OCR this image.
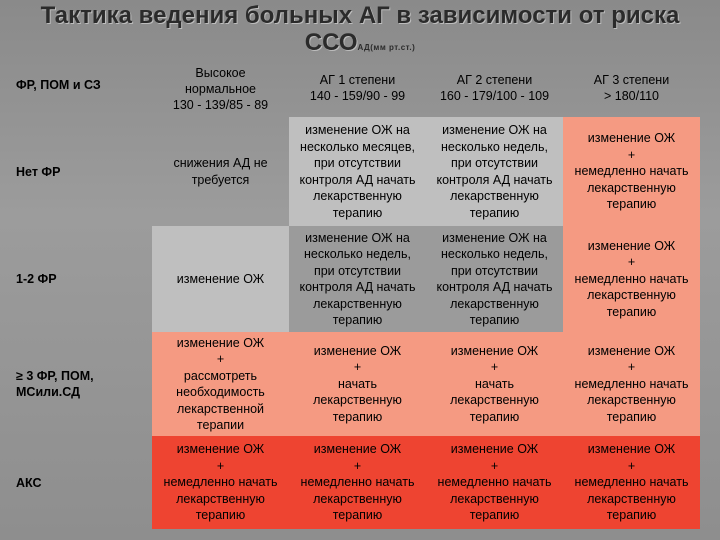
Тактика ведения больных АГ в зависимости от риска
ССОАД(мм рт.ст.)
ФР, ПОМ и СЗ
Высокое
нормальное
130 - 139/85 - 89
АГ 1 степени
140 - 159/90 - 99
АГ 2 степени
160 - 179/100 - 109
АГ 3 степени
> 180/110
Нет ФР
снижения АД не
требуется
изменение ОЖ на
несколько месяцев,
при отсутствии
контроля АД начать
лекарственную
терапию
изменение ОЖ на
несколько недель,
при отсутствии
контроля АД начать
лекарственную
терапию
изменение ОЖ
+
немедленно начать
лекарственную
терапию
1-2 ФР	изменение ОЖ
изменение ОЖ на
несколько недель,
при отсутствии
контроля АД начать
лекарственную
терапию
изменение ОЖ на
несколько недель,
при отсутствии
контроля АД начать
лекарственную
терапию
изменение ОЖ
+
немедленно начать
лекарственную
терапию
≥ 3 ФР, ПОМ,
МСили.СД
изменение ОЖ
+
рассмотреть
необходимость
лекарственной
терапии
изменение ОЖ
+
начать
лекарственную
терапию
изменение ОЖ
+
начать
лекарственную
терапию
изменение ОЖ
+
немедленно начать
лекарственную
терапию
АКС
изменение ОЖ
+
немедленно начать
лекарственную
терапию
изменение ОЖ
+
немедленно начать
лекарственную
терапию
изменение ОЖ
+
немедленно начать
лекарственную
терапию
изменение ОЖ
+
немедленно начать
лекарственную
терапию
